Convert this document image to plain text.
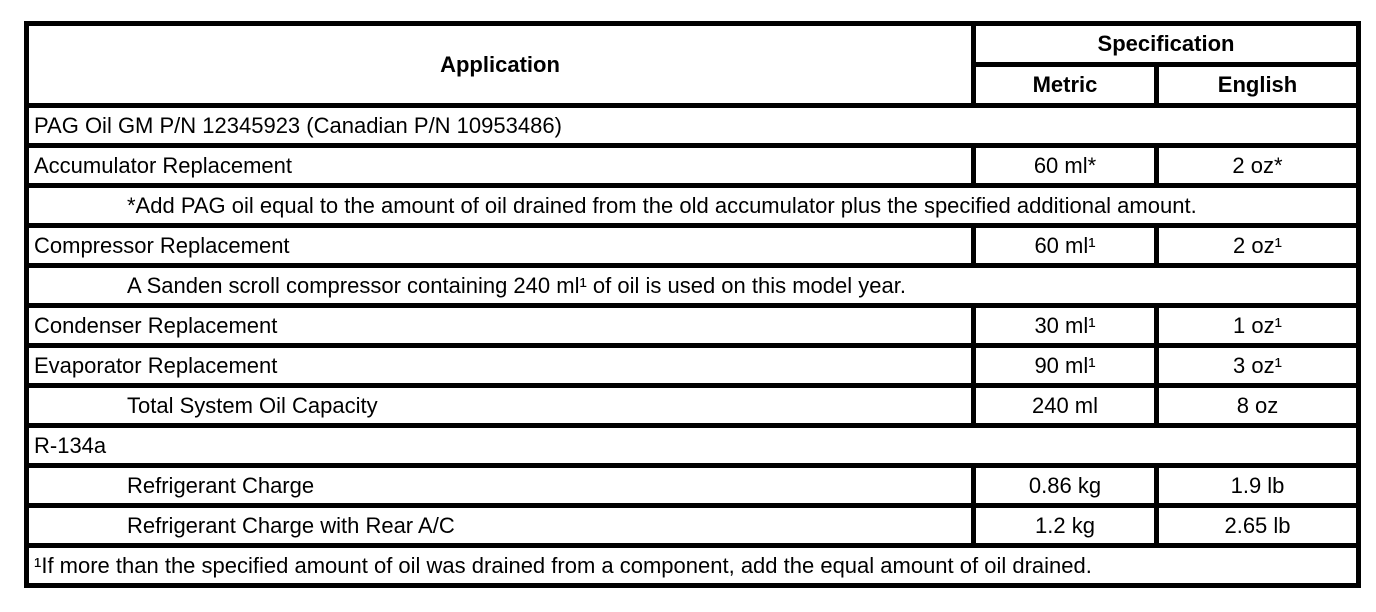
Application	Specification	
	Metric	English
PAG Oil GM P/N 12345923 (Canadian P/N 10953486)		
Accumulator Replacement	60 ml*	2 oz*
*Add PAG oil equal to the amount of oil drained from the old accumulator plus the specified additional amount.		
Compressor Replacement	60 ml¹	2 oz¹
A Sanden scroll compressor containing 240 ml¹ of oil is used on this model year.		
Condenser Replacement	30 ml¹	1 oz¹
Evaporator Replacement	90 ml¹	3 oz¹
Total System Oil Capacity	240 ml	8 oz
R-134a		
Refrigerant Charge	0.86 kg	1.9 lb
Refrigerant Charge with Rear A/C	1.2 kg	2.65 lb
¹If more than the specified amount of oil was drained from a component, add the equal amount of oil drained.		
